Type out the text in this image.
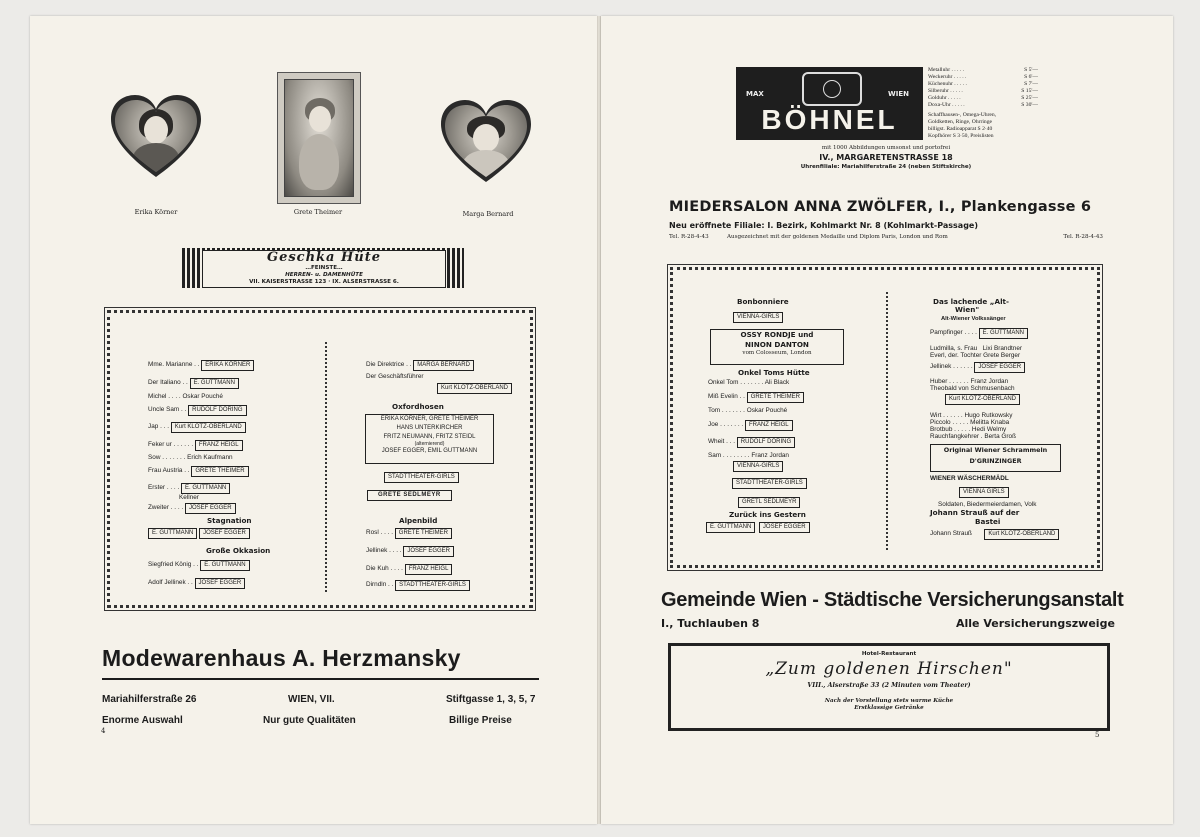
Erika Körner	Grete Theimer	Marga Bernard
Geschka Hüte
…FEINSTE…
HERREN- u. DAMENHÜTE
VII. KAISERSTRASSE 123 · IX. ALSERSTRASSE 6.
Mme. Marianne . . ERIKA KÖRNER
Der Italiano . . E. GUTTMANN
Michel . . . . Oskar Pouché
Uncle Sam . . RUDOLF DÖRING
Jap . . . Kurt KLOTZ-OBERLAND
Feker ur . . . . . . FRANZ HEIGL
Sow . . . . . . . Erich Kaufmann
Frau Austria . . GRETE THEIMER
Erster . . . . E. GUTTMANN
Kellner
Zweiter . . . . JOSEF EGGER
Stagnation
E. GUTTMANN JOSEF EGGER
Große Okkasion
Siegfried König . . E. GUTTMANN
Adolf Jellinek . . JOSEF EGGER
Die Direktrice . . MARGA BERNARD
Der Geschäftsführer
Kurt KLOTZ-OBERLAND
Oxfordhosen
ERIKA KÖRNER, GRETE THEIMER
HANS UNTERKIRCHER
FRITZ NEUMANN, FRITZ STEIDL
(alternierend)
JOSEF EGGER, EMIL GUTTMANN
STADTTHEATER-GIRLS
GRETE SEDLMEYR
Alpenbild
Rosl . . . . GRETE THEIMER
Jellinek . . . . JOSEF EGGER
Die Kuh . . . . FRANZ HEIGL
Dirndln . . STADTTHEATER-GIRLS
Modewarenhaus A. Herzmansky
Mariahilferstraße 26	WIEN, VII.	Stiftgasse 1, 3, 5, 7
Enorme Auswahl	Nur gute Qualitäten	Billige Preise
4
MAX	WIEN
BÖHNEL
Metalluhr . . . . .	S 5'—
Weckeruhr . . . . .	S 6'—
Küchenuhr . . . . .	S 7'—
Silberuhr . . . . .	S 15'—
Golduhr . . . . .	S 25'—
Doxa-Uhr . . . . .	S 30'—
Schaffhausen-, Omega-Uhren,
Goldketten, Ringe, Ohrringe
billigst. Radioapparat S 2·40
Kopfhörer S 3·50, Preislisten
mit 1000 Abbildungen umsonst und portofrei
IV., MARGARETENSTRASSE 18
Uhrenfiliale: Mariahilferstraße 24 (neben Stiftskirche)
MIEDERSALON ANNA ZWÖLFER, I., Plankengasse 6
Neu eröffnete Filiale: I. Bezirk, Kohlmarkt Nr. 8 (Kohlmarkt-Passage)
Tel. R-28-4-43	Ausgezeichnet mit der goldenen Medaille und Diplom Paris, London und Rom	Tel. R-28-4-43
Bonbonniere
VIENNA-GIRLS
OSSY RONDJE und
NINON DANTON
vom Colosseum, London
Onkel Toms Hütte
Onkel Tom . . . . . . . Ali Black
Miß Evelin . . GRETE THEIMER
Tom . . . . . . . Oskar Pouché
Joe . . . . . . . FRANZ HEIGL
Wheit . . . RUDOLF DÖRING
Sam . . . . . . . . Franz Jordan
VIENNA-GIRLS
STADTTHEATER-GIRLS
GRETL SEDLMEYR
Zurück ins Gestern
E. GUTTMANN JOSEF EGGER
Das lachende „Alt-
Wien"
Alt-Wiener Volkssänger
Pampfinger . . . . E. GUTTMANN
Ludmilla, s. Frau Lixi Brandtner
Everl, der. Tochter Grete Berger
Jellinek . . . . . . JOSEF EGGER
Huber . . . . . . Franz Jordan
Theobald von Schmusenbach
Kurt KLOTZ-OBERLAND
Wirt . . . . . . Hugo Rutkowsky
Piccolo . . . . . Melitta Knaba
Brotbub . . . . . Hedi Welmy
Rauchfangkehrer . Berta Groß
Original Wiener Schrammeln
D'GRINZINGER
WIENER WÄSCHERMÄDL
VIENNA GIRLS
Soldaten, Biedermeierdamen, Volk
Johann Strauß auf der
Bastei
Johann Strauß	Kurt KLOTZ-OBERLAND
Gemeinde Wien - Städtische Versicherungsanstalt
I., Tuchlauben 8	Alle Versicherungszweige
Hotel-Restaurant
„Zum goldenen Hirschen"
VIII., Alserstraße 33 (2 Minuten vom Theater)
Nach der Vorstellung stets warme Küche
Erstklassige Getränke
5
